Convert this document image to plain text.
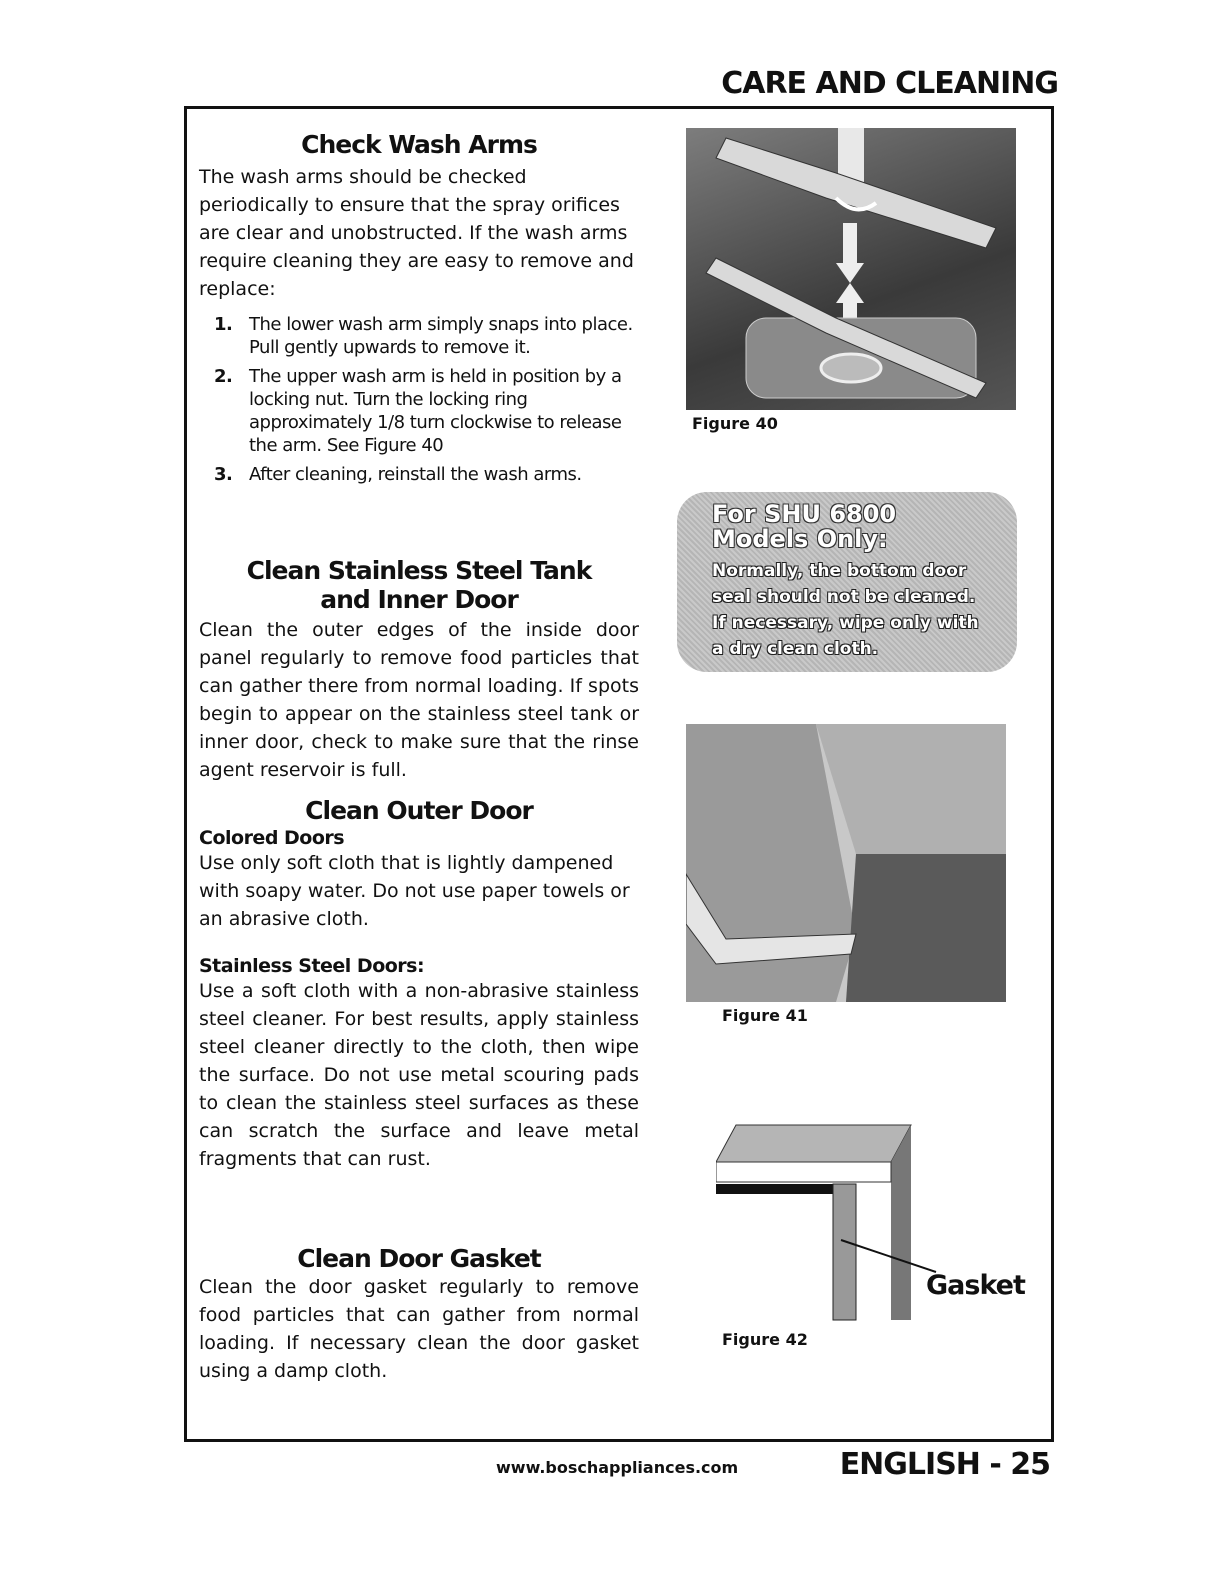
CARE AND CLEANING
Check Wash Arms

The wash arms should be checked periodically to ensure that the spray orifices are clear and unobstructed. If the wash arms require cleaning they are easy to remove and replace:

1. The lower wash arm simply snaps into place. Pull gently upwards to remove it.
2. The upper wash arm is held in position by a locking nut. Turn the locking ring approximately 1/8 turn clockwise to release the arm. See Figure 40
3. After cleaning, reinstall the wash arms.
Clean Stainless Steel Tank
and Inner Door

Clean the outer edges of the inside door panel regularly to remove food particles that can gather there from normal loading. If spots begin to appear on the stainless steel tank or inner door, check to make sure that the rinse agent reservoir is full.

Clean Outer Door
Colored Doors

Use only soft cloth that is lightly dampened with soapy water. Do not use paper towels or an abrasive cloth.

Stainless Steel Doors:

Use a soft cloth with a non-abrasive stainless steel cleaner. For best results, apply stainless steel cleaner directly to the cloth, then wipe the surface. Do not use metal scouring pads to clean the stainless steel surfaces as these can scratch the surface and leave metal fragments that can rust.

Clean Door Gasket

Clean the door gasket regularly to remove food particles that can gather from normal loading. If necessary clean the door gasket using a damp cloth.

Figure 40
For SHU 6800 Models Only:
Normally, the bottom door seal should not be cleaned. If necessary, wipe only with a dry clean cloth.
Figure 41
Gasket
Figure 42
www.boschappliances.com	ENGLISH - 25
